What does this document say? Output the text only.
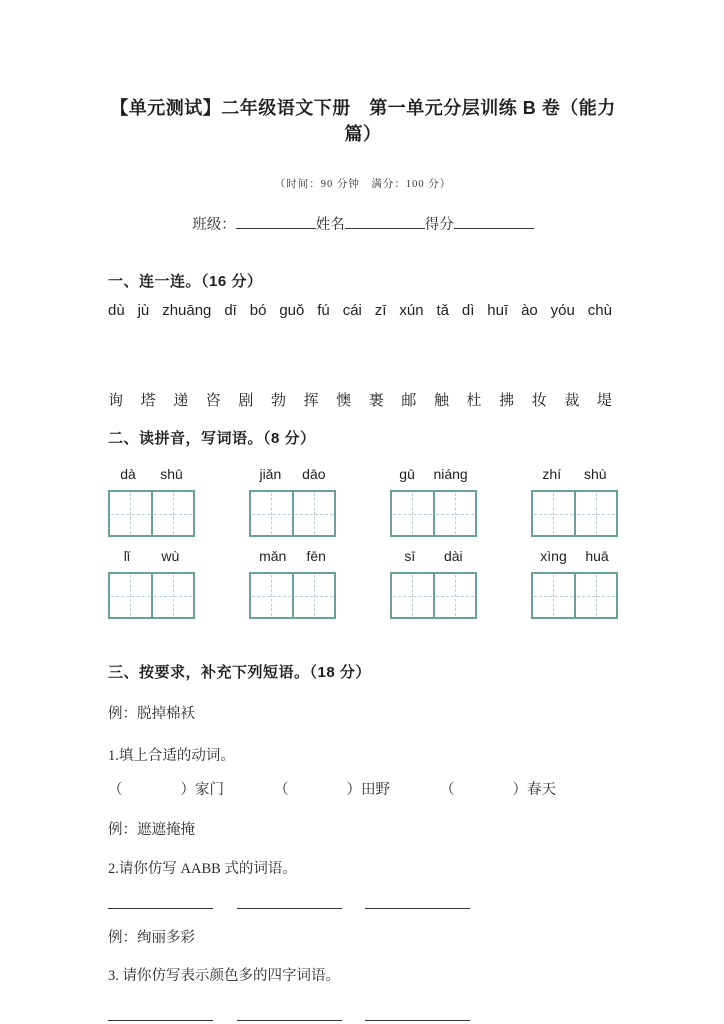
【单元测试】二年级语文下册　第一单元分层训练 B 卷（能力篇）
（时间：90 分钟　满分：100 分）
班级：	姓名	得分
一、连一连。（16 分）
dù jù zhuāng dī bó guǒ fú cái zī xún tǎ dì huī ào yóu chù
询 塔 递 咨 剧 勃 挥 懊 裹 邮 触 杜 拂 妆 裁 堤
二、读拼音，写词语。（8 分）
dà shū	jiǎn dāo	gū niáng	zhí shù
lǐ wù	mǎn fēn	sī dài	xìng huā
三、按要求，补充下列短语。（18 分）
例：脱掉棉袄
1.填上合适的动词。
（	）家门	（	）田野	（	）春天
例：遮遮掩掩
2.请你仿写 AABB 式的词语。
例：绚丽多彩
3. 请你仿写表示颜色多的四字词语。
